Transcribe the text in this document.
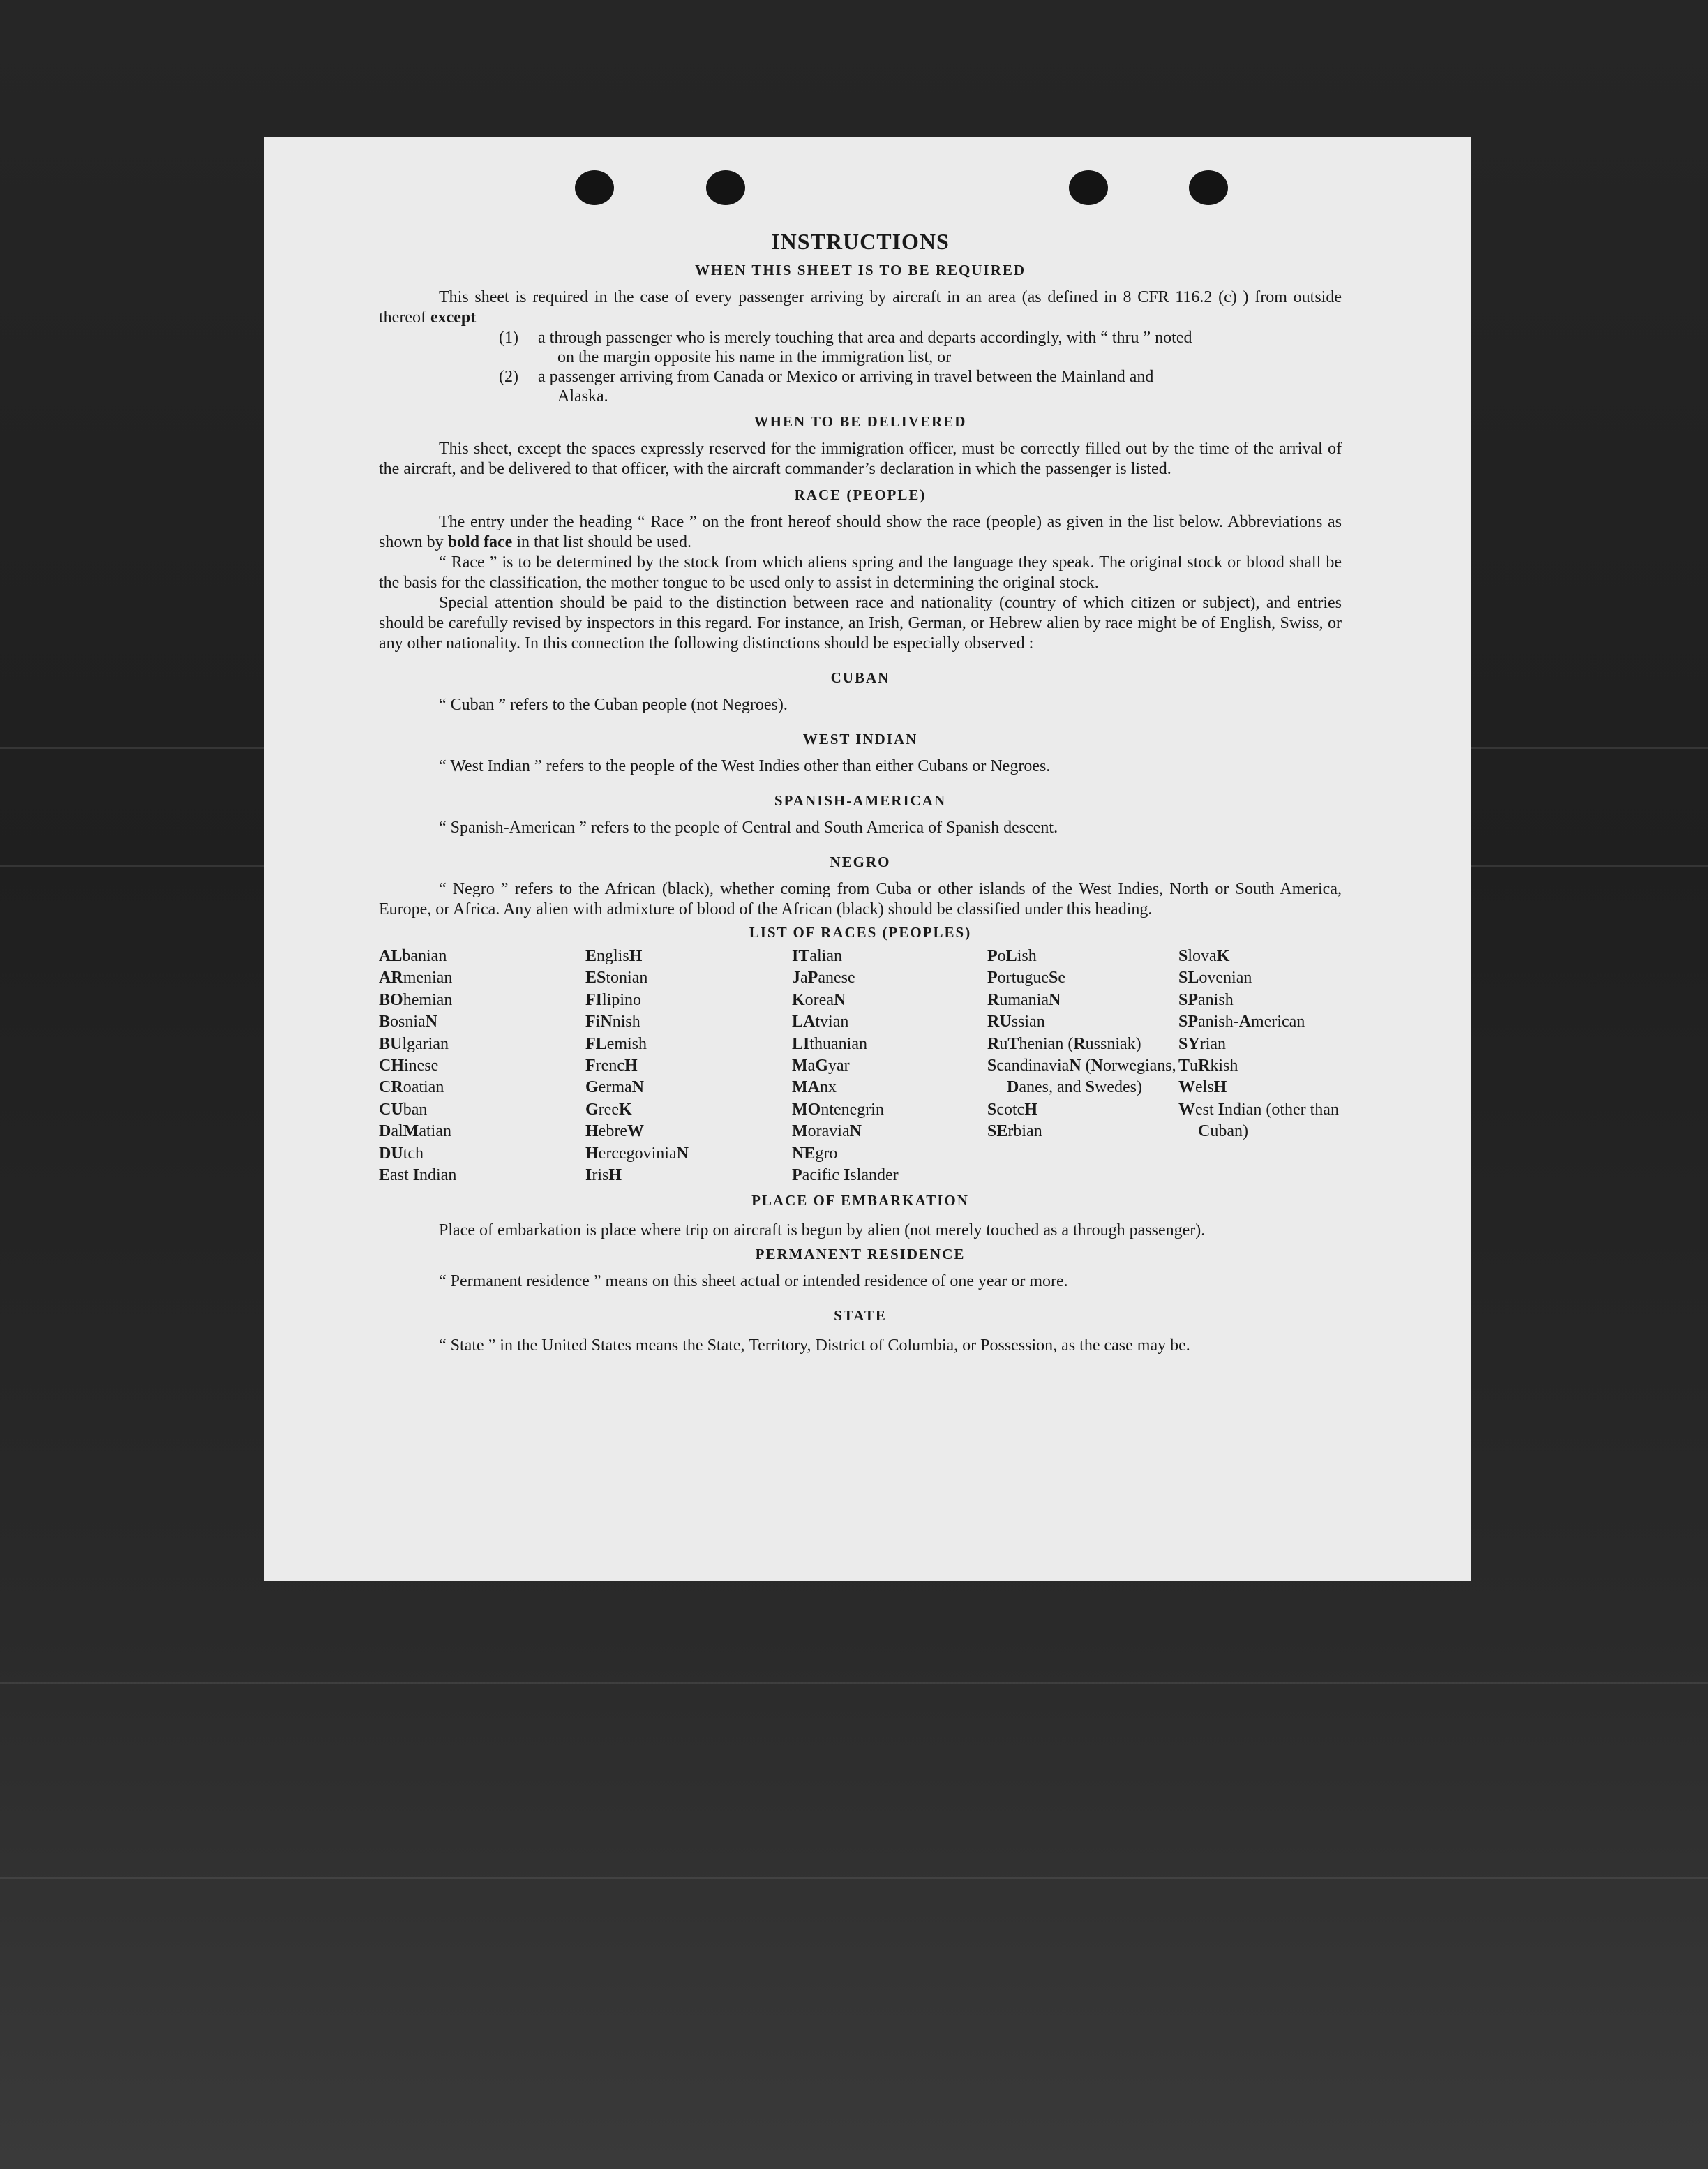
INSTRUCTIONS
WHEN THIS SHEET IS TO BE REQUIRED

This sheet is required in the case of every passenger arriving by aircraft in an area (as defined in 8 CFR 116.2 (c) ) from outside thereof except

(1)	a through passenger who is merely touching that area and departs accordingly, with “ thru ” noted
on the margin opposite his name in the immigration list, or
(2)	a passenger arriving from Canada or Mexico or arriving in travel between the Mainland and
Alaska.
WHEN TO BE DELIVERED

This sheet, except the spaces expressly reserved for the immigration officer, must be correctly filled out by the time of the arrival of the aircraft, and be delivered to that officer, with the aircraft commander’s declaration in which the passenger is listed.

RACE (PEOPLE)

The entry under the heading “ Race ” on the front hereof should show the race (people) as given in the list below. Abbreviations as shown by bold face in that list should be used.

“ Race ” is to be determined by the stock from which aliens spring and the language they speak. The original stock or blood shall be the basis for the classification, the mother tongue to be used only to assist in determining the original stock.

Special attention should be paid to the distinction between race and nationality (country of which citizen or subject), and entries should be carefully revised by inspectors in this regard. For instance, an Irish, German, or Hebrew alien by race might be of English, Swiss, or any other nationality. In this connection the following distinctions should be especially observed :

CUBAN

“ Cuban ” refers to the Cuban people (not Negroes).

WEST INDIAN

“ West Indian ” refers to the people of the West Indies other than either Cubans or Negroes.

SPANISH-AMERICAN

“ Spanish-American ” refers to the people of Central and South America of Spanish descent.

NEGRO

“ Negro ” refers to the African (black), whether coming from Cuba or other islands of the West Indies, North or South America, Europe, or Africa. Any alien with admixture of blood of the African (black) should be classified under this heading.

LIST OF RACES (PEOPLES)
ALbanian
ARmenian
BOhemian
BosniaN
BUlgarian
CHinese
CRoatian
CUban
DalMatian
DUtch
East Indian
EnglisH
EStonian
FIlipino
FiNnish
FLemish
FrencH
GermaN
GreeK
HebreW
HercegoviniaN
IrisH
ITalian
JaPanese
KoreaN
LAtvian
LIthuanian
MaGyar
MAnx
MOntenegrin
MoraviaN
NEgro
Pacific Islander
PoLish
PortugueSe
RumaniaN
RUssian
RuThenian (Russniak)
ScandinaviaN (Norwegians, Danes, and Swedes)
ScotcH
SErbian
SlovaK
SLovenian
SPanish
SPanish-American
SYrian
TuRkish
WelsH
West Indian (other than Cuban)
PLACE OF EMBARKATION

Place of embarkation is place where trip on aircraft is begun by alien (not merely touched as a through passenger).

PERMANENT RESIDENCE

“ Permanent residence ” means on this sheet actual or intended residence of one year or more.

STATE

“ State ” in the United States means the State, Territory, District of Columbia, or Possession, as the case may be.
